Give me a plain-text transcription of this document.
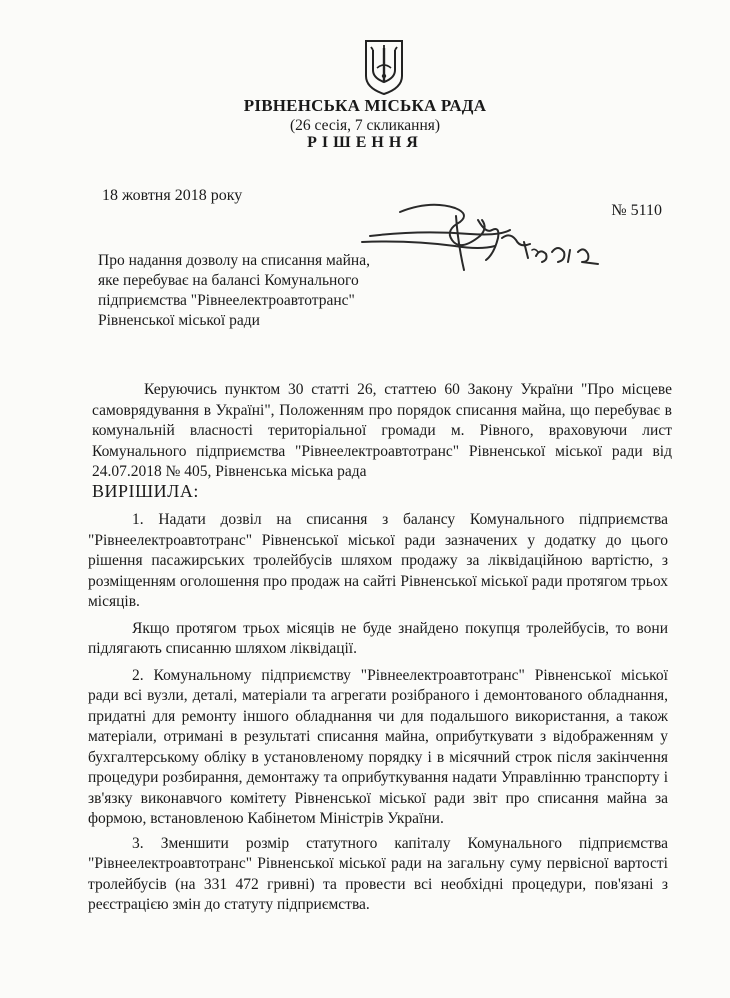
РІВНЕНСЬКА МІСЬКА РАДА
(26 сесія, 7 скликання)
РІШЕННЯ
18 жовтня 2018 року
№ 5110
Про надання дозволу на списання майна,
яке перебуває на балансі Комунального
підприємства "Рівнеелектроавтотранс"
Рівненської міської ради

Керуючись пунктом 30 статті 26, статтею 60 Закону України "Про місцеве самоврядування в Україні", Положенням про порядок списання майна, що перебуває в комунальній власності територіальної громади м. Рівного, враховуючи лист Комунального підприємства "Рівнеелектроавтотранс" Рівненської міської ради від 24.07.2018 № 405, Рівненська міська рада

ВИРІШИЛА:

1. Надати дозвіл на списання з балансу Комунального підприємства "Рівнеелектроавтотранс" Рівненської міської ради зазначених у додатку до цього рішення пасажирських тролейбусів шляхом продажу за ліквідаційною вартістю, з розміщенням оголошення про продаж на сайті Рівненської міської ради протягом трьох місяців.

Якщо протягом трьох місяців не буде знайдено покупця тролейбусів, то вони підлягають списанню шляхом ліквідації.

2. Комунальному підприємству "Рівнеелектроавтотранс" Рівненської міської ради всі вузли, деталі, матеріали та агрегати розібраного і демонтованого обладнання, придатні для ремонту іншого обладнання чи для подальшого використання, а також матеріали, отримані в результаті списання майна, оприбуткувати з відображенням у бухгалтерському обліку в установленому порядку і в місячний строк після закінчення процедури розбирання, демонтажу та оприбуткування надати Управлінню транспорту і зв'язку виконавчого комітету Рівненської міської ради звіт про списання майна за формою, встановленою Кабінетом Міністрів України.

3. Зменшити розмір статутного капіталу Комунального підприємства "Рівнеелектроавтотранс" Рівненської міської ради на загальну суму первісної вартості тролейбусів (на 331 472 гривні) та провести всі необхідні процедури, пов'язані з реєстрацією змін до статуту підприємства.
